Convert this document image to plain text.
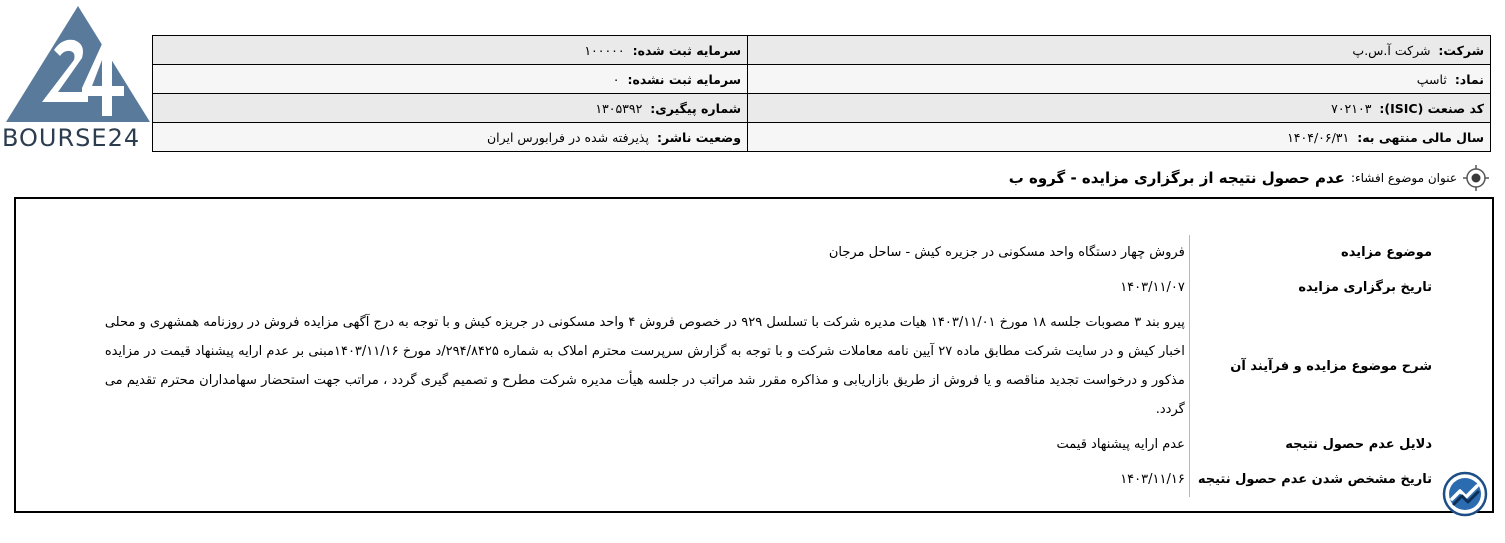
BOURSE24
شرکت: شرکت آ.س.پ	سرمایه ثبت شده: ۱۰۰۰۰۰
نماد: ثاسپ	سرمایه ثبت نشده: ۰
کد صنعت (ISIC): ۷۰۲۱۰۳	شماره پیگیری: ۱۳۰۵۳۹۲
سال مالی منتهی به: ۱۴۰۴/۰۶/۳۱	وضعیت ناشر: پذیرفته شده در فرابورس ایران
عنوان موضوع افشاء:
عدم حصول نتیجه از برگزاری مزایده - گروه ب
موضوع مزایده	فروش چهار دستگاه واحد مسکونی در جزیره کیش - ساحل مرجان
تاریخ برگزاری مزایده	۱۴۰۳/۱۱/۰۷
شرح موضوع مزایده و فرآیند آن	پیرو بند ۳ مصوبات جلسه ۱۸ مورخ ۱۴۰۳/۱۱/۰۱ هیات مدیره شرکت با تسلسل ۹۲۹ در خصوص فروش ۴ واحد مسکونی در جریزه کیش و با توجه به درج آگهی مزایده فروش در روزنامه همشهری و محلی اخبار کیش و در سایت شرکت مطابق ماده ۲۷ آیین نامه معاملات شرکت و با توجه به گزارش سرپرست محترم املاک به شماره ۲۹۴/۸۴۲۵/د مورخ ۱۴۰۳/۱۱/۱۶مبنی بر عدم ارایه پیشنهاد قیمت در مزایده مذکور و درخواست تجدید مناقصه و یا فروش از طریق بازاریابی و مذاکره مقرر شد مراتب در جلسه هیأت مدیره شرکت مطرح و تصمیم گیری گردد ، مراتب جهت استحضار سهامداران محترم تقدیم می گردد.
دلایل عدم حصول نتیجه	عدم ارایه پیشنهاد قیمت
تاریخ مشخص شدن عدم حصول نتیجه	۱۴۰۳/۱۱/۱۶
